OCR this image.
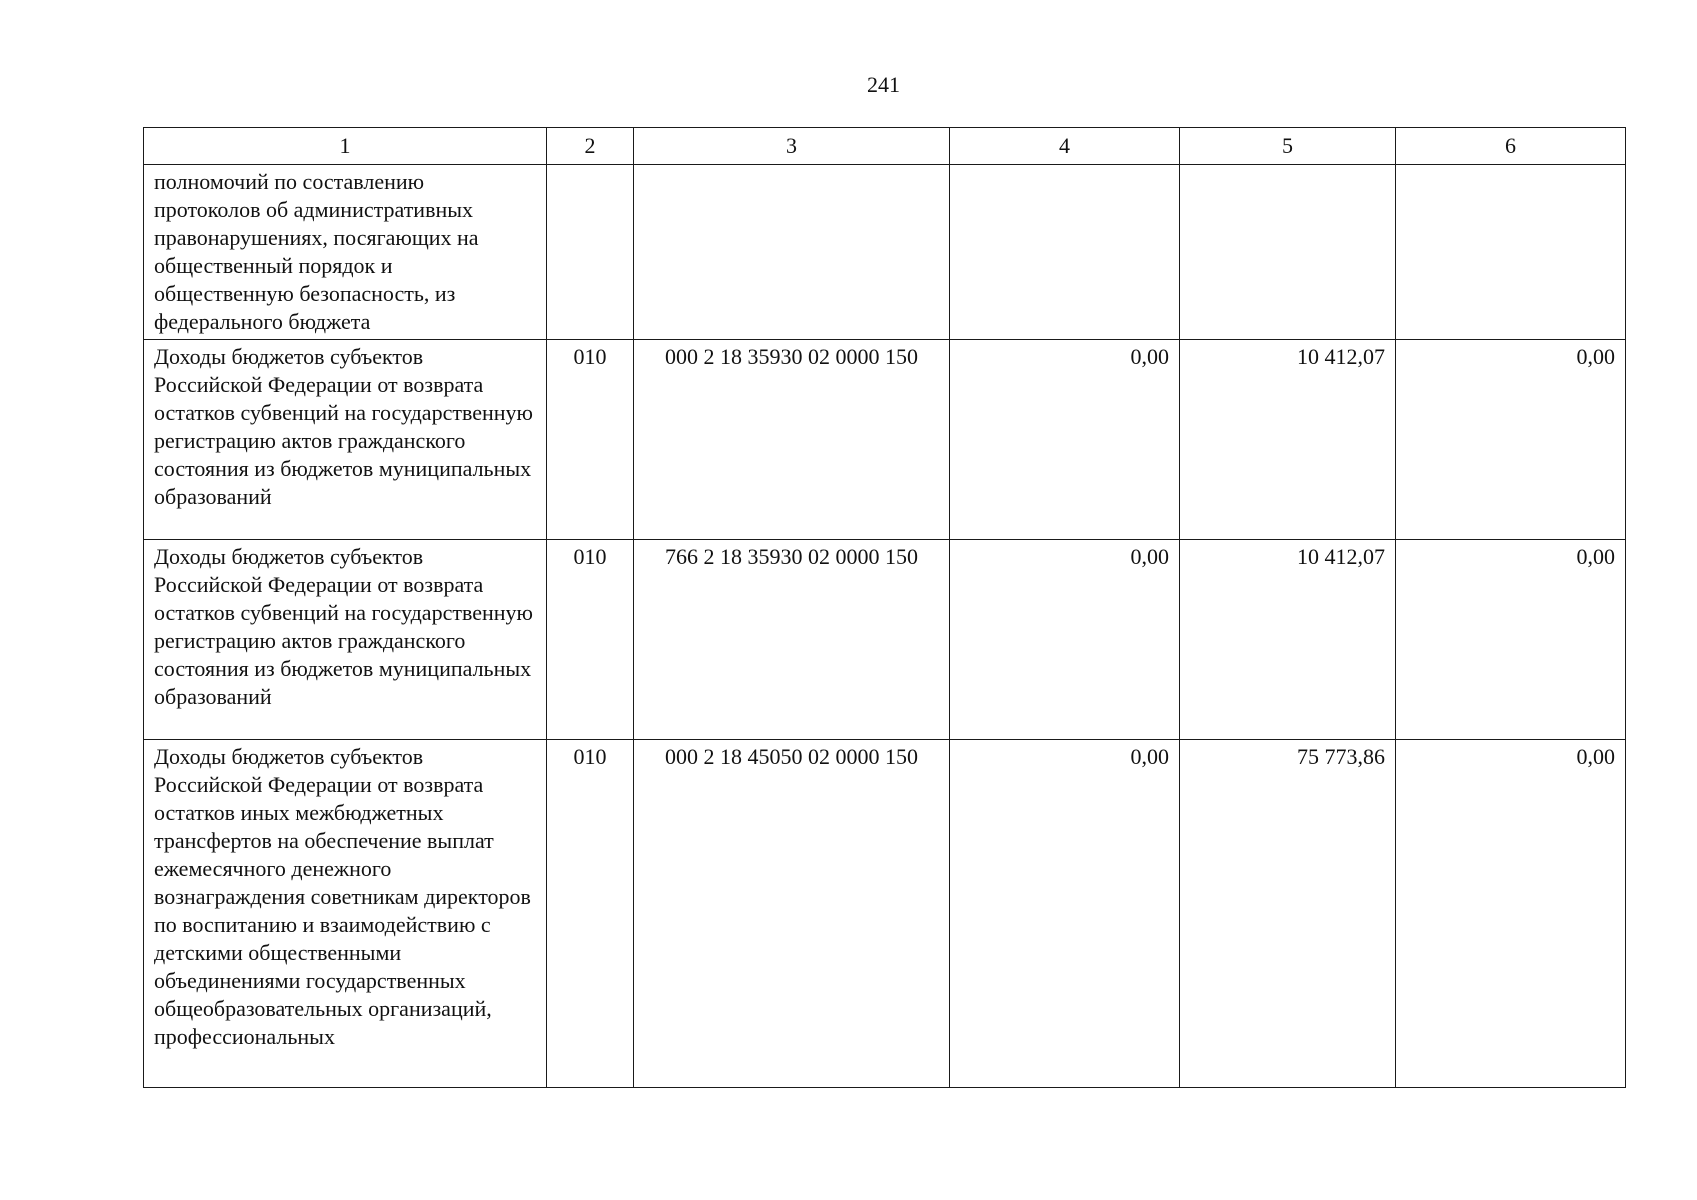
241
1	2	3	4	5	6

полномочий по составлению протоколов об административных правонарушениях, посягающих на общественный порядок и общественную безопасность, из федерального бюджета					

Доходы бюджетов субъектов Российской Федерации от возврата остатков субвенций на государственную регистрацию актов гражданского состояния из бюджетов муниципальных образований	010	000 2 18 35930 02 0000 150	0,00	10 412,07	0,00

Доходы бюджетов субъектов Российской Федерации от возврата остатков субвенций на государственную регистрацию актов гражданского состояния из бюджетов муниципальных образований	010	766 2 18 35930 02 0000 150	0,00	10 412,07	0,00

Доходы бюджетов субъектов Российской Федерации от возврата остатков иных межбюджетных трансфертов на обеспечение выплат ежемесячного денежного вознаграждения советникам директоров по воспитанию и взаимодействию с детскими общественными объединениями государственных общеобразовательных организаций, профессиональных	010	000 2 18 45050 02 0000 150	0,00	75 773,86	0,00
